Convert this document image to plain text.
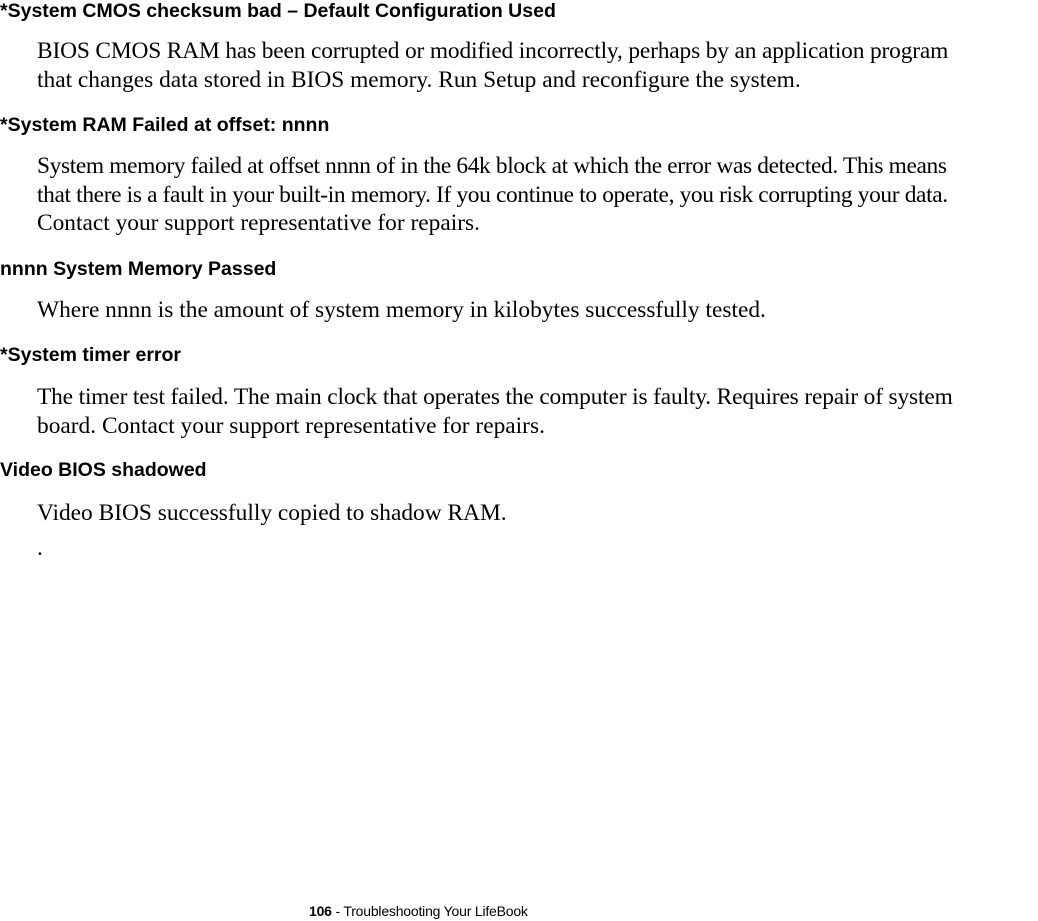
*System CMOS checksum bad – Default Configuration Used
BIOS CMOS RAM has been corrupted or modified incorrectly, perhaps by an application program
that changes data stored in BIOS memory. Run Setup and reconfigure the system.
*System RAM Failed at offset: nnnn
System memory failed at offset nnnn of in the 64k block at which the error was detected. This means
that there is a fault in your built-in memory. If you continue to operate, you risk corrupting your data.
Contact your support representative for repairs.
nnnn System Memory Passed
Where nnnn is the amount of system memory in kilobytes successfully tested.
*System timer error
The timer test failed. The main clock that operates the computer is faulty. Requires repair of system
board. Contact your support representative for repairs.
Video BIOS shadowed
Video BIOS successfully copied to shadow RAM.
.
106 - Troubleshooting Your LifeBook
